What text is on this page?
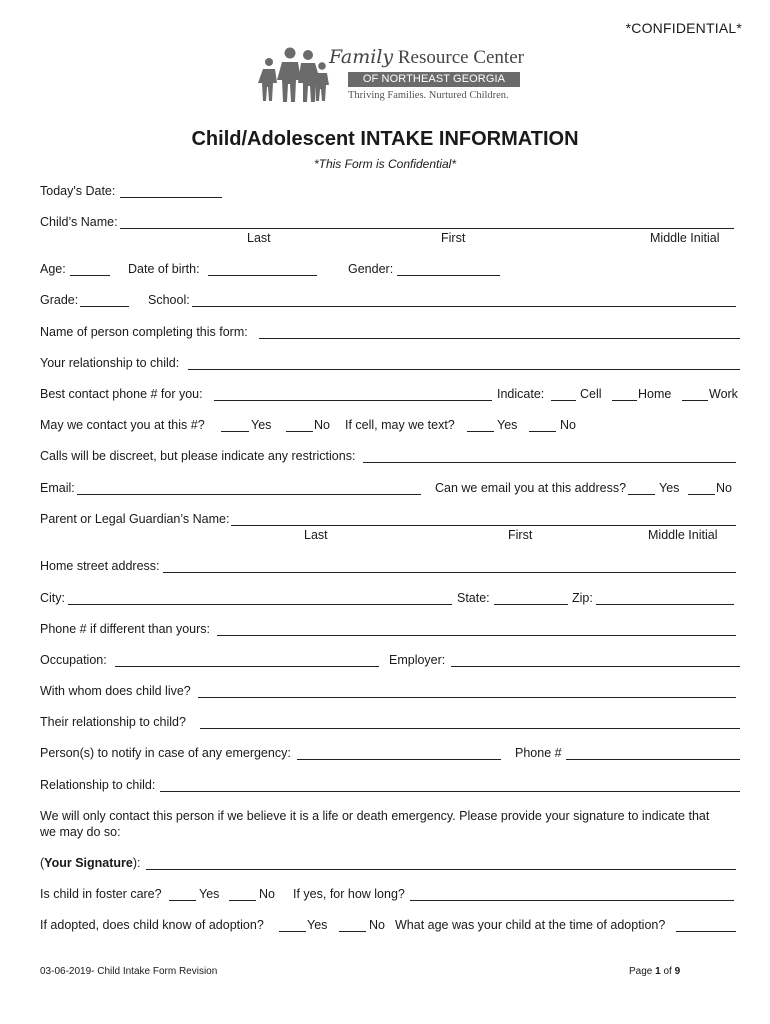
*CONFIDENTIAL*
Family Resource Center
OF NORTHEAST GEORGIA
Thriving Families. Nurtured Children.
Child/Adolescent INTAKE INFORMATION
*This Form is Confidential*
Today's Date:
Child’s Name:
Last	First	Middle Initial
Age:	Date of birth:	Gender:
Grade:	School:
Name of person completing this form:
Your relationship to child:
Best contact phone # for you:	Indicate:	Cell	Home	Work
May we contact you at this #?	Yes	No If cell, may we text?	Yes	No
Calls will be discreet, but please indicate any restrictions:
Email:	Can we email you at this address?	Yes	No
Parent or Legal Guardian’s Name:
Last	First	Middle Initial
Home street address:
City:	State:	Zip:
Phone # if different than yours:
Occupation:	Employer:
With whom does child live?
Their relationship to child?
Person(s) to notify in case of any emergency:	Phone #
Relationship to child:
We will only contact this person if we believe it is a life or death emergency. Please provide your signature to indicate that
we may do so:
(Your Signature):
Is child in foster care?	Yes	No If yes, for how long?
If adopted, does child know of adoption?	Yes	No What age was your child at the time of adoption?
03-06-2019- Child Intake Form Revision	Page 1 of 9
